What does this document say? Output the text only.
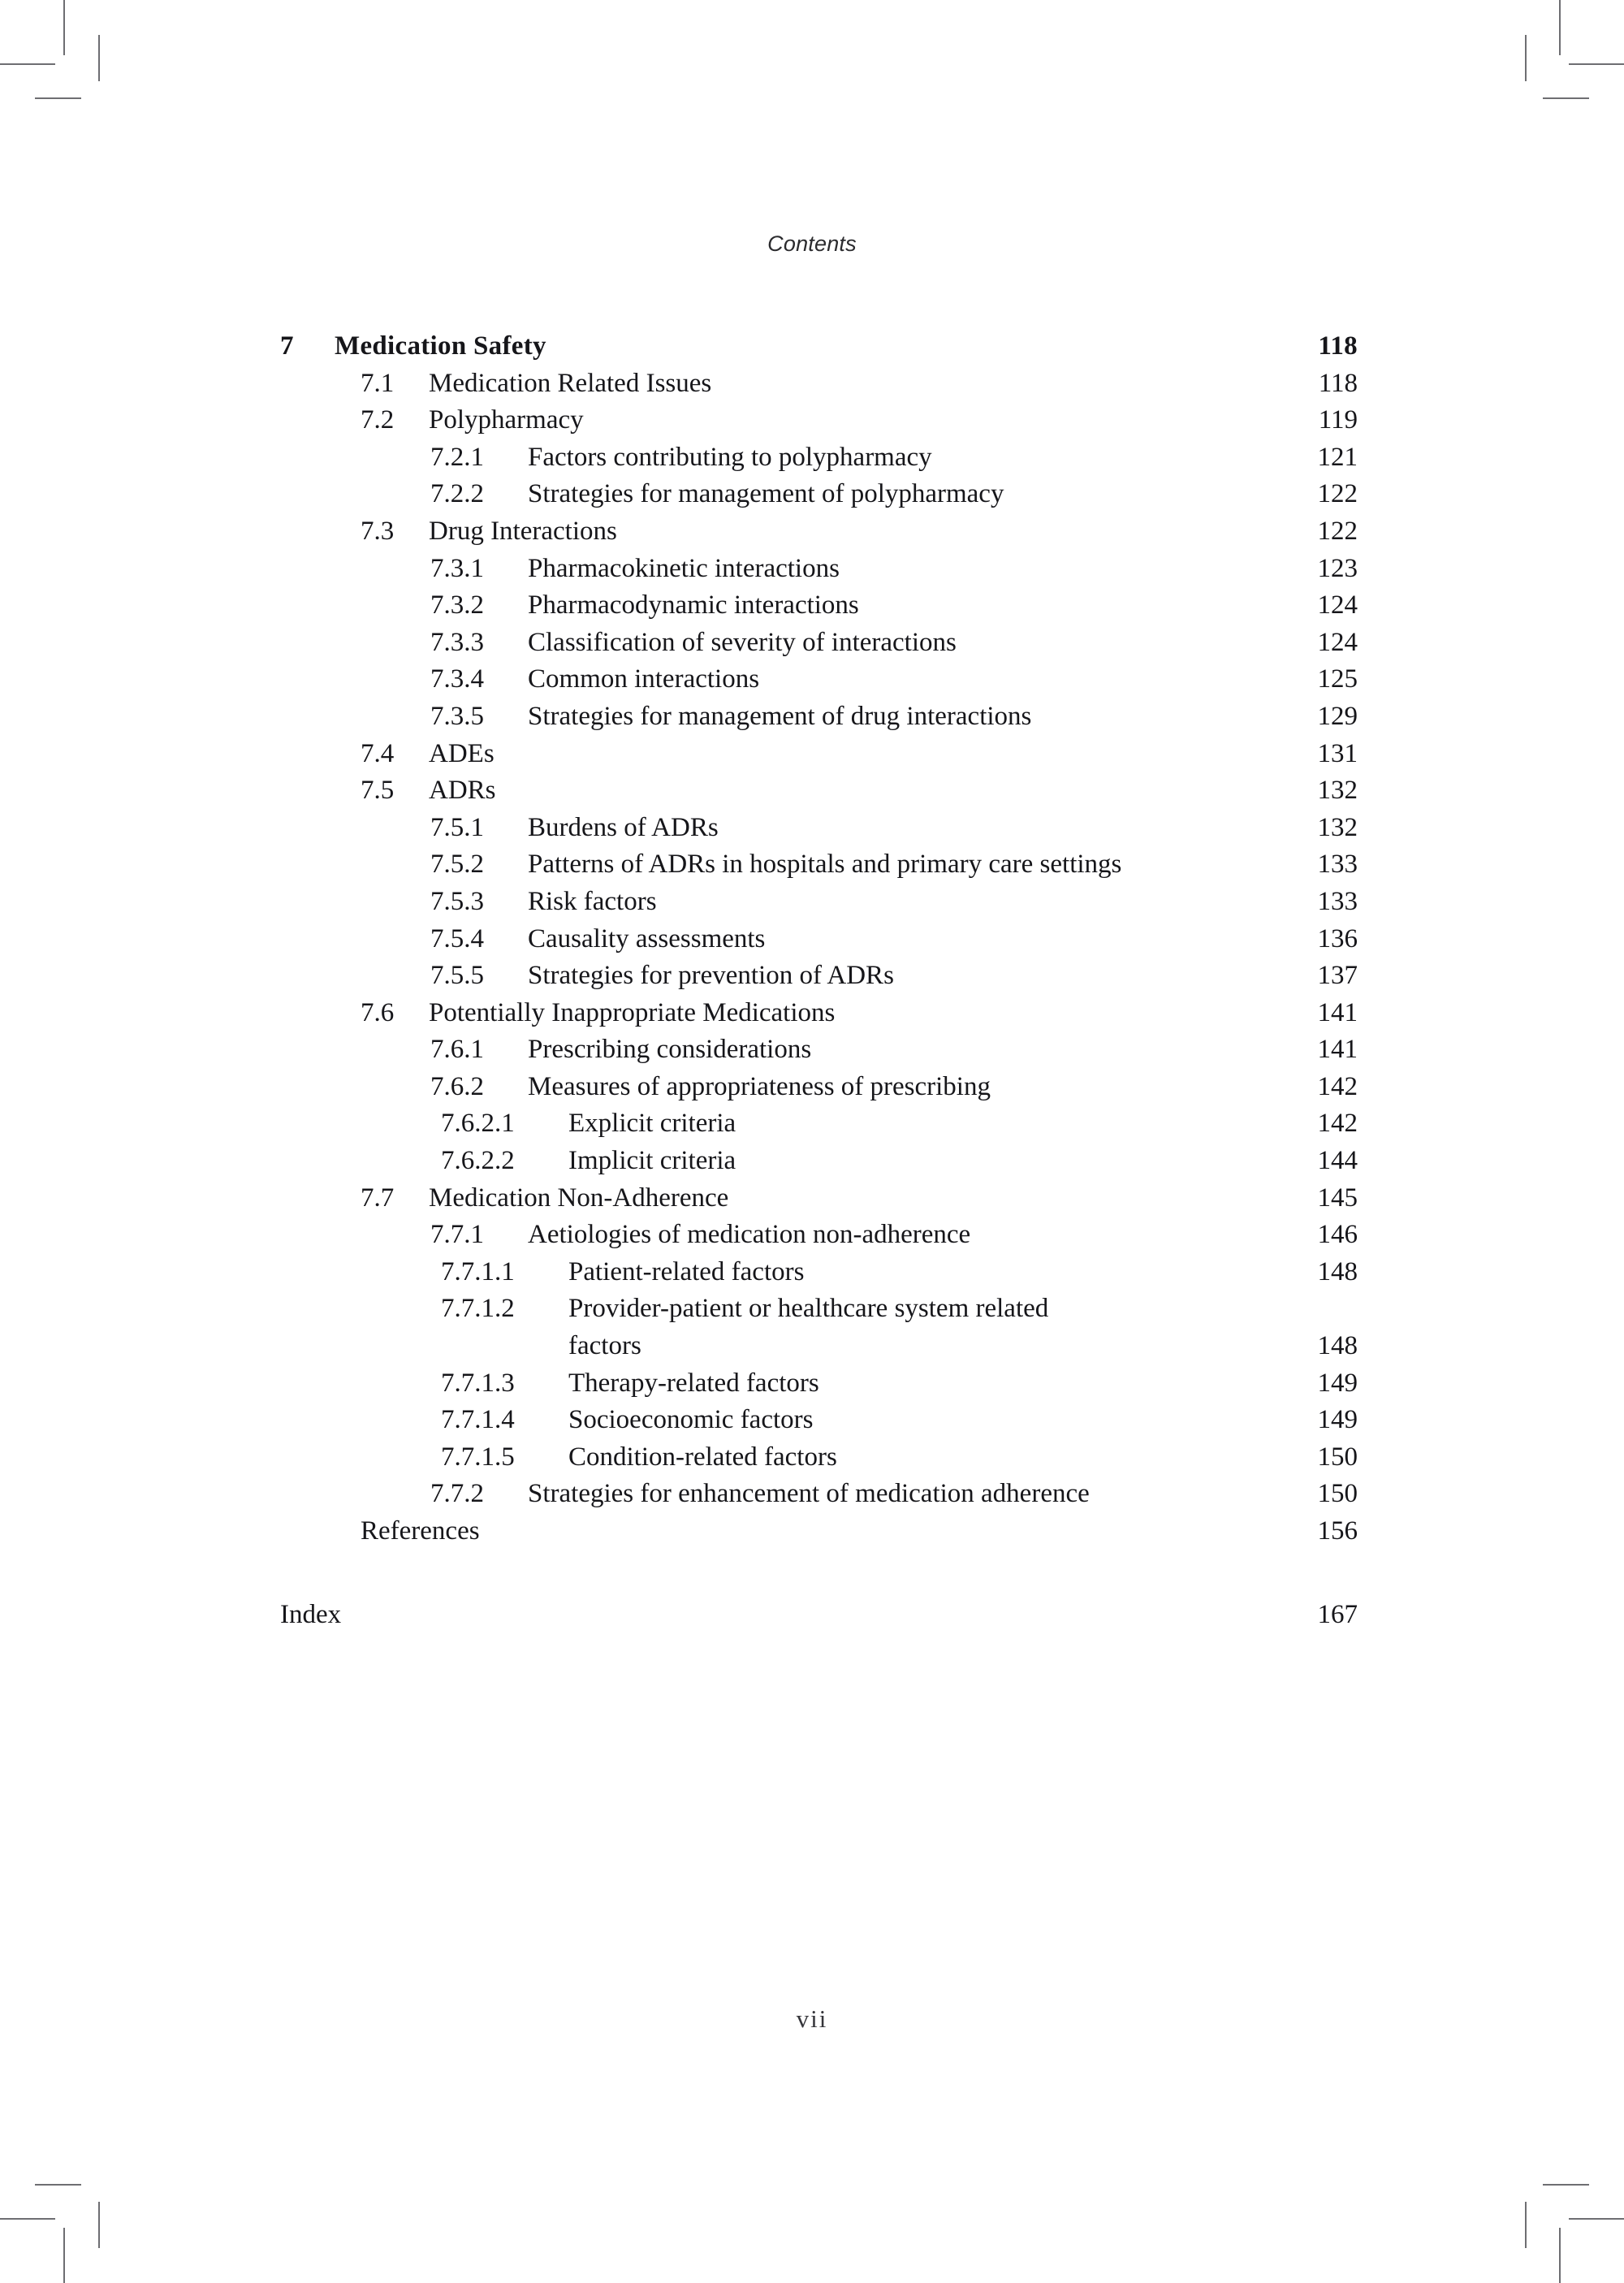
Contents
7 Medication Safety	118
7.1 Medication Related Issues	118
7.2 Polypharmacy	119
7.2.1 Factors contributing to polypharmacy	121
7.2.2 Strategies for management of polypharmacy	122
7.3 Drug Interactions	122
7.3.1 Pharmacokinetic interactions	123
7.3.2 Pharmacodynamic interactions	124
7.3.3 Classification of severity of interactions	124
7.3.4 Common interactions	125
7.3.5 Strategies for management of drug interactions	129
7.4 ADEs	131
7.5 ADRs	132
7.5.1 Burdens of ADRs	132
7.5.2 Patterns of ADRs in hospitals and primary care settings	133
7.5.3 Risk factors	133
7.5.4 Causality assessments	136
7.5.5 Strategies for prevention of ADRs	137
7.6 Potentially Inappropriate Medications	141
7.6.1 Prescribing considerations	141
7.6.2 Measures of appropriateness of prescribing	142
7.6.2.1 Explicit criteria	142
7.6.2.2 Implicit criteria	144
7.7 Medication Non-Adherence	145
7.7.1 Aetiologies of medication non-adherence	146
7.7.1.1 Patient-related factors	148
7.7.1.2 Provider-patient or healthcare system related
factors	148
7.7.1.3 Therapy-related factors	149
7.7.1.4 Socioeconomic factors	149
7.7.1.5 Condition-related factors	150
7.7.2 Strategies for enhancement of medication adherence	150
References	156
Index	167
vii
